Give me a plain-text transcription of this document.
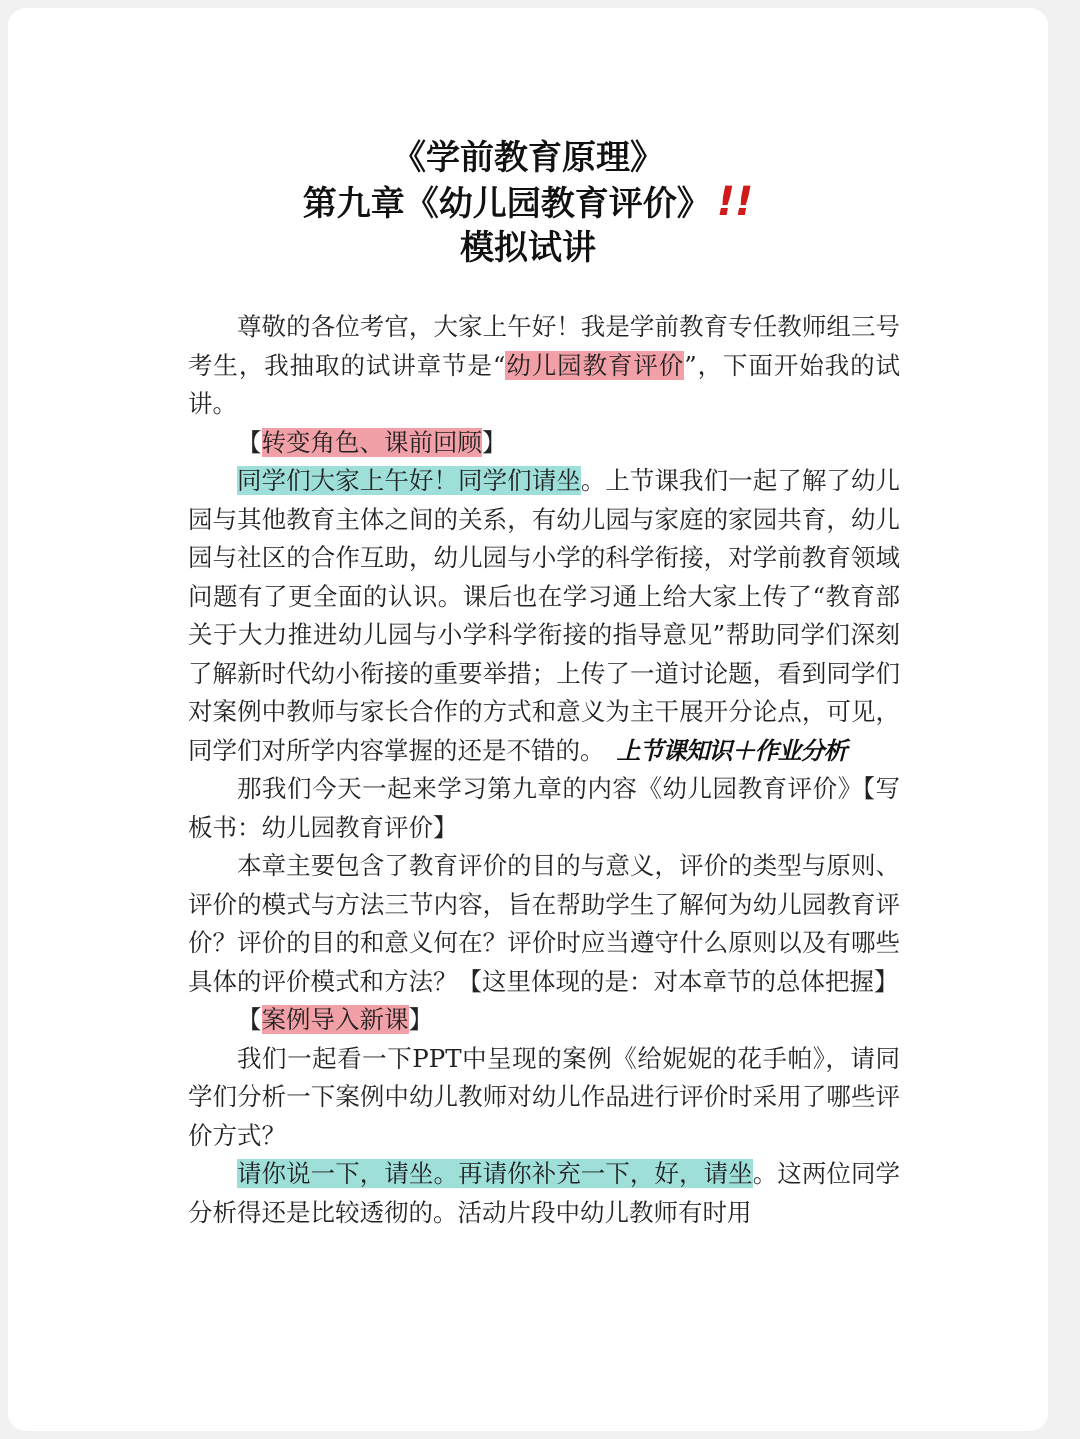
《学前教育原理》
第九章《幼儿园教育评价》 !!
模拟试讲

尊敬的各位考官，大家上午好！我是学前教育专任教师组三号考生，我抽取的试讲章节是“幼儿园教育评价”，下面开始我的试讲。

【转变角色、课前回顾】

同学们大家上午好！同学们请坐。上节课我们一起了解了幼儿园与其他教育主体之间的关系，有幼儿园与家庭的家园共育，幼儿园与社区的合作互助，幼儿园与小学的科学衔接，对学前教育领域问题有了更全面的认识。课后也在学习通上给大家上传了“教育部关于大力推进幼儿园与小学科学衔接的指导意见”帮助同学们深刻了解新时代幼小衔接的重要举措；上传了一道讨论题，看到同学们对案例中教师与家长合作的方式和意义为主干展开分论点，可见，同学们对所学内容掌握的还是不错的。 上节课知识＋作业分析

那我们今天一起来学习第九章的内容《幼儿园教育评价》【写板书：幼儿园教育评价】

本章主要包含了教育评价的目的与意义，评价的类型与原则、评价的模式与方法三节内容，旨在帮助学生了解何为幼儿园教育评价？评价的目的和意义何在？评价时应当遵守什么原则以及有哪些具体的评价模式和方法？【这里体现的是：对本章节的总体把握】

【案例导入新课】

我们一起看一下PPT中呈现的案例《给妮妮的花手帕》，请同学们分析一下案例中幼儿教师对幼儿作品进行评价时采用了哪些评价方式？

请你说一下，请坐。再请你补充一下，好，请坐。这两位同学分析得还是比较透彻的。活动片段中幼儿教师有时用
